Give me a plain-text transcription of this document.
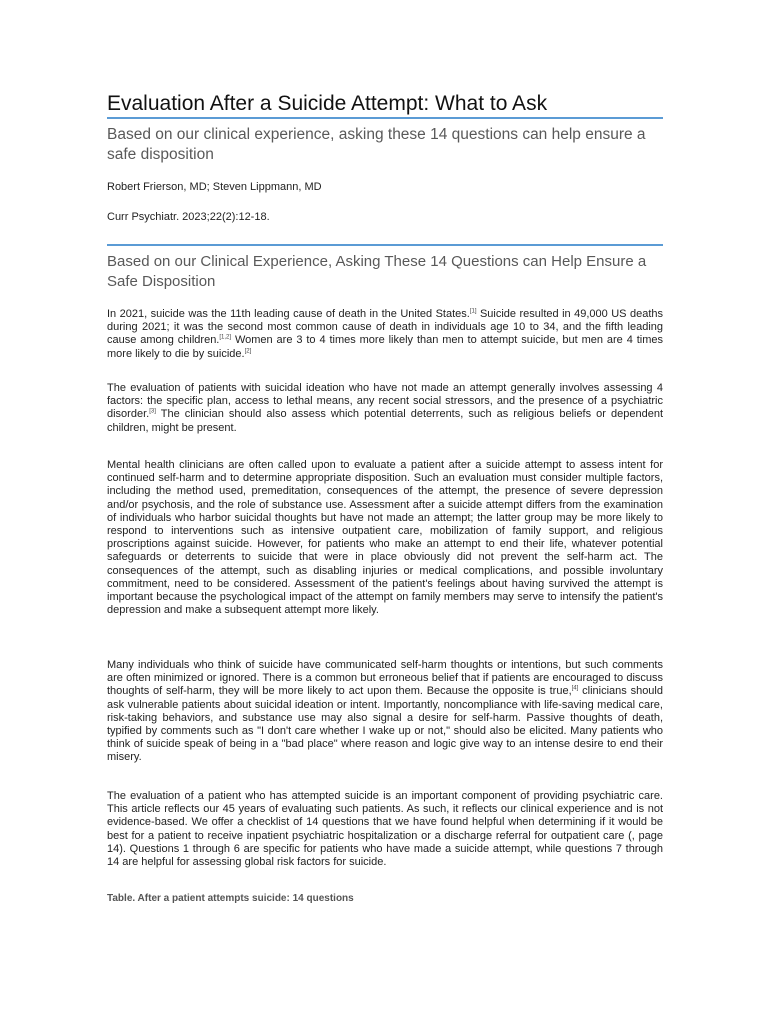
Evaluation After a Suicide Attempt: What to Ask
Based on our clinical experience, asking these 14 questions can help ensure a safe disposition

Robert Frierson, MD; Steven Lippmann, MD

Curr Psychiatr. 2023;22(2):12-18.

Based on our Clinical Experience, Asking These 14 Questions can Help Ensure a Safe Disposition

In 2021, suicide was the 11th leading cause of death in the United States.[1] Suicide resulted in 49,000 US deaths during 2021; it was the second most common cause of death in individuals age 10 to 34, and the fifth leading cause among children.[1,2] Women are 3 to 4 times more likely than men to attempt suicide, but men are 4 times more likely to die by suicide.[2]

The evaluation of patients with suicidal ideation who have not made an attempt generally involves assessing 4 factors: the specific plan, access to lethal means, any recent social stressors, and the presence of a psychiatric disorder.[3] The clinician should also assess which potential deterrents, such as religious beliefs or dependent children, might be present.

Mental health clinicians are often called upon to evaluate a patient after a suicide attempt to assess intent for continued self-harm and to determine appropriate disposition. Such an evaluation must consider multiple factors, including the method used, premeditation, consequences of the attempt, the presence of severe depression and/or psychosis, and the role of substance use. Assessment after a suicide attempt differs from the examination of individuals who harbor suicidal thoughts but have not made an attempt; the latter group may be more likely to respond to interventions such as intensive outpatient care, mobilization of family support, and religious proscriptions against suicide. However, for patients who make an attempt to end their life, whatever potential safeguards or deterrents to suicide that were in place obviously did not prevent the self-harm act. The consequences of the attempt, such as disabling injuries or medical complications, and possible involuntary commitment, need to be considered. Assessment of the patient's feelings about having survived the attempt is important because the psychological impact of the attempt on family members may serve to intensify the patient's depression and make a subsequent attempt more likely.

Many individuals who think of suicide have communicated self-harm thoughts or intentions, but such comments are often minimized or ignored. There is a common but erroneous belief that if patients are encouraged to discuss thoughts of self-harm, they will be more likely to act upon them. Because the opposite is true,[4] clinicians should ask vulnerable patients about suicidal ideation or intent. Importantly, noncompliance with life-saving medical care, risk-taking behaviors, and substance use may also signal a desire for self-harm. Passive thoughts of death, typified by comments such as "I don't care whether I wake up or not," should also be elicited. Many patients who think of suicide speak of being in a "bad place" where reason and logic give way to an intense desire to end their misery.

The evaluation of a patient who has attempted suicide is an important component of providing psychiatric care. This article reflects our 45 years of evaluating such patients. As such, it reflects our clinical experience and is not evidence-based. We offer a checklist of 14 questions that we have found helpful when determining if it would be best for a patient to receive inpatient psychiatric hospitalization or a discharge referral for outpatient care (, page 14). Questions 1 through 6 are specific for patients who have made a suicide attempt, while questions 7 through 14 are helpful for assessing global risk factors for suicide.

Table. After a patient attempts suicide: 14 questions
